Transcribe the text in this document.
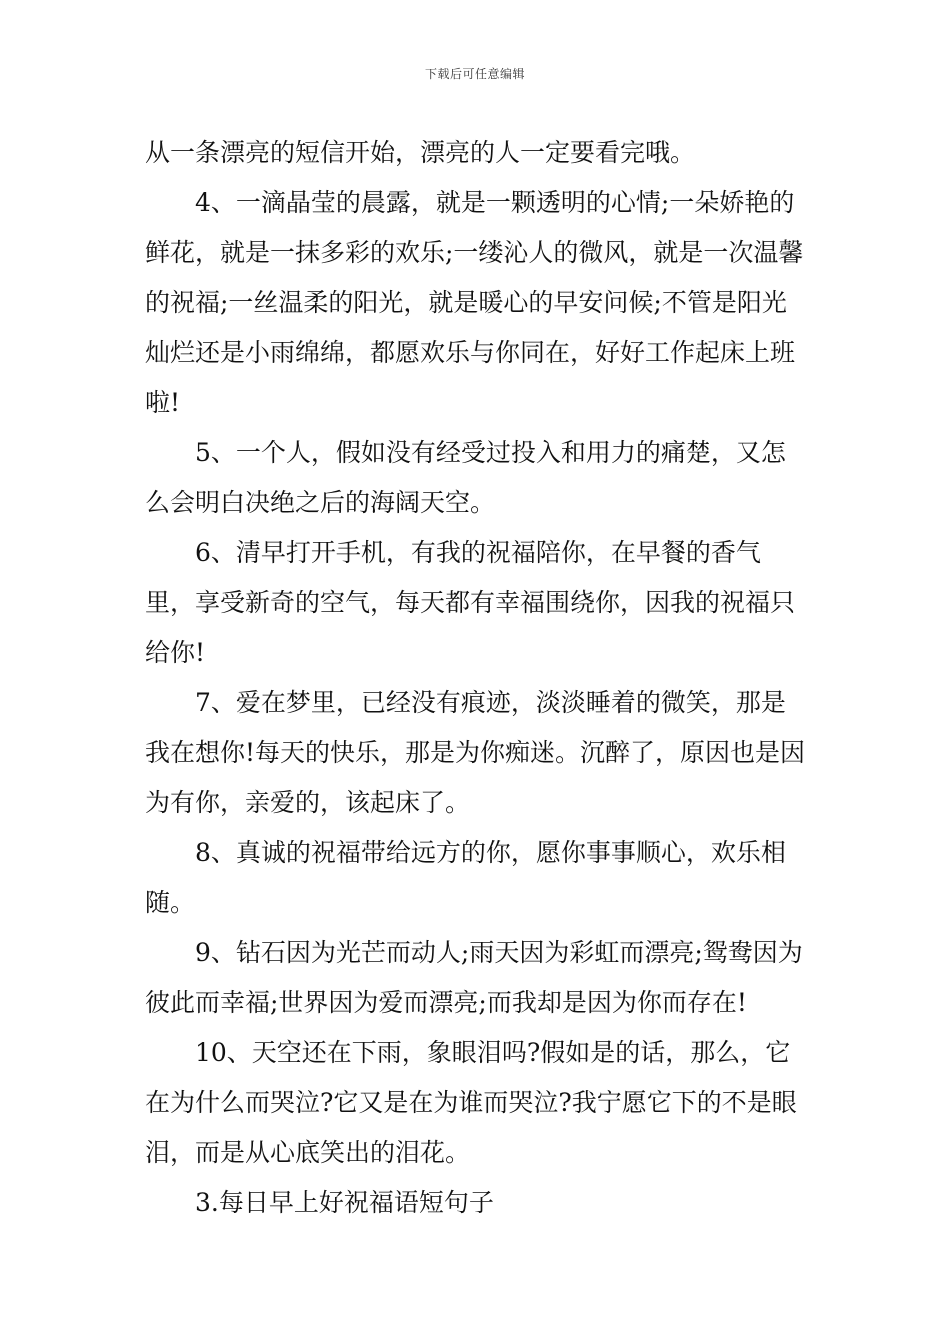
下载后可任意编辑

从一条漂亮的短信开始，漂亮的人一定要看完哦。

4、一滴晶莹的晨露，就是一颗透明的心情;一朵娇艳的鲜花，就是一抹多彩的欢乐;一缕沁人的微风，就是一次温馨的祝福;一丝温柔的阳光，就是暖心的早安问候;不管是阳光灿烂还是小雨绵绵，都愿欢乐与你同在，好好工作起床上班啦!

5、一个人，假如没有经受过投入和用力的痛楚，又怎么会明白决绝之后的海阔天空。

6、清早打开手机，有我的祝福陪你，在早餐的香气里，享受新奇的空气，每天都有幸福围绕你，因我的祝福只给你!

7、爱在梦里，已经没有痕迹，淡淡睡着的微笑，那是我在想你!每天的快乐，那是为你痴迷。沉醉了，原因也是因为有你，亲爱的，该起床了。

8、真诚的祝福带给远方的你，愿你事事顺心，欢乐相随。

9、钻石因为光芒而动人;雨天因为彩虹而漂亮;鸳鸯因为彼此而幸福;世界因为爱而漂亮;而我却是因为你而存在!

10、天空还在下雨，象眼泪吗?假如是的话，那么，它在为什么而哭泣?它又是在为谁而哭泣?我宁愿它下的不是眼泪，而是从心底笑出的泪花。

3.每日早上好祝福语短句子
